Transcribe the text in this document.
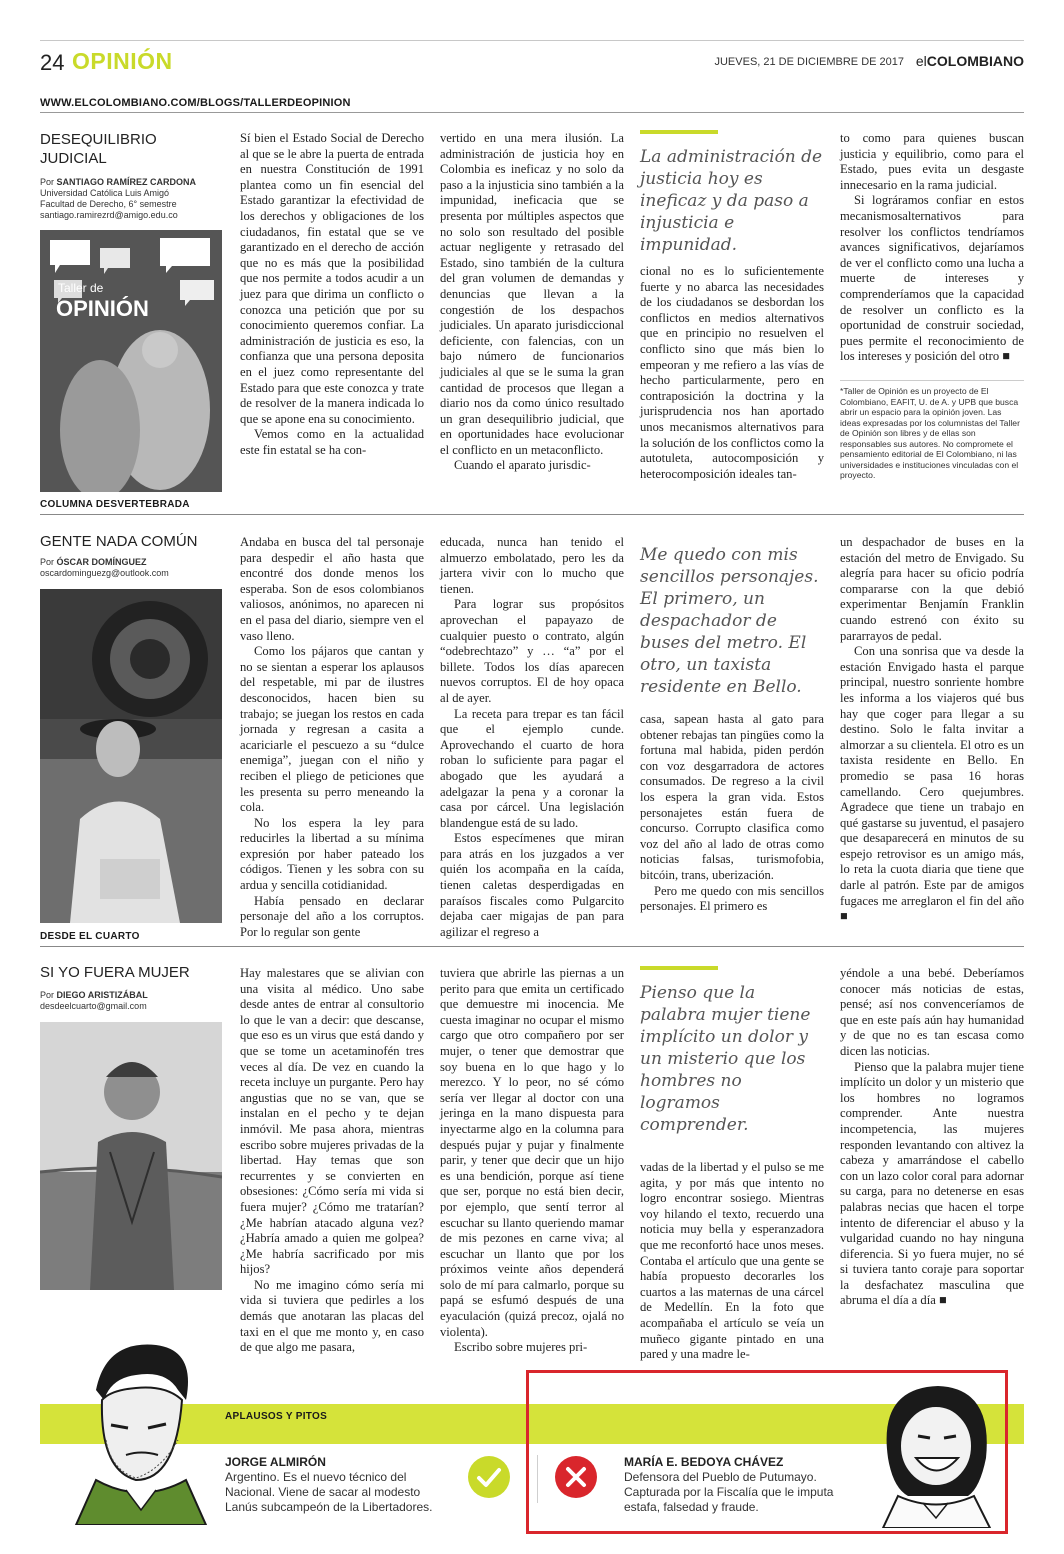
24 OPINIÓN	JUEVES, 21 DE DICIEMBRE DE 2017 elCOLOMBIANO
WWW.ELCOLOMBIANO.COM/BLOGS/TALLERDEOPINION
DESEQUILIBRIO JUDICIAL
Por SANTIAGO RAMÍREZ CARDONA
Universidad Católica Luis Amigó
Facultad de Derecho, 6° semestre
santiago.ramirezrd@amigo.edu.co
Taller de
OPINIÓN

Sí bien el Estado Social de Derecho al que se le abre la puerta de entrada en nuestra Constitución de 1991 plantea como un fin esencial del Estado garantizar la efectividad de los derechos y obligaciones de los ciudadanos, fin estatal que se ve garantizado en el derecho de acción que no es más que la posibilidad que nos permite a todos acudir a un juez para que dirima un conflicto o conozca una petición que por su conocimiento queremos confiar. La administración de justicia es eso, la confianza que una persona deposita en el juez como representante del Estado para que este conozca y trate de resolver de la manera indicada lo que se apone ena su conocimiento.

Vemos como en la actualidad este fin estatal se ha con-

vertido en una mera ilusión. La administración de justicia hoy en Colombia es ineficaz y no solo da paso a la injusticia sino también a la impunidad, ineficacia que se presenta por múltiples aspectos que no solo son resultado del posible actuar negligente y retrasado del Estado, sino también de la cultura del gran volumen de demandas y denuncias que llevan a la congestión de los despachos judiciales. Un aparato jurisdiccional deficiente, con falencias, con un bajo número de funcionarios judiciales al que se le suma la gran cantidad de procesos que llegan a diario nos da como único resultado un gran desequilibrio judicial, que en oportunidades hace evolucionar el conflicto en un metaconflicto.

Cuando el aparato jurisdic-

La administración de justicia hoy es ineficaz y da paso a injusticia e impunidad.

cional no es lo suficientemente fuerte y no abarca las necesidades de los ciudadanos se desbordan los conflictos en medios alternativos que en principio no resuelven el conflicto sino que más bien lo empeoran y me refiero a las vías de hecho particularmente, pero en contraposición la doctrina y la jurisprudencia nos han aportado unos mecanismos alternativos para la solución de los conflictos como la autotuleta, autocomposición y heterocomposición ideales tan-

to como para quienes buscan justicia y equilibrio, como para el Estado, pues evita un desgaste innecesario en la rama judicial.

Si lográramos confiar en estos mecanismosalternativos para resolver los conflictos tendríamos avances significativos, dejaríamos de ver el conflicto como una lucha a muerte de intereses y comprenderíamos que la capacidad de resolver un conflicto es la oportunidad de construir sociedad, pues permite el reconocimiento de los intereses y posición del otro ■

*Taller de Opinión es un proyecto de El Colombiano, EAFIT, U. de A. y UPB que busca abrir un espacio para la opinión joven. Las ideas expresadas por los columnistas del Taller de Opinión son libres y de ellas son responsables sus autores. No compromete el pensamiento editorial de El Colombiano, ni las universidades e instituciones vinculadas con el proyecto.
COLUMNA DESVERTEBRADA
GENTE NADA COMÚN
Por ÓSCAR DOMÍNGUEZ
oscardominguezg@outlook.com

Andaba en busca del tal personaje para despedir el año hasta que encontré dos donde menos los esperaba. Son de esos colombianos valiosos, anónimos, no aparecen ni en el pasa del diario, siempre ven el vaso lleno.

Como los pájaros que cantan y no se sientan a esperar los aplausos del respetable, mi par de ilustres desconocidos, hacen bien su trabajo; se juegan los restos en cada jornada y regresan a casita a acariciarle el pescuezo a su “dulce enemiga”, juegan con el niño y reciben el pliego de peticiones que les presenta su perro meneando la cola.

No los espera la ley para reducirles la libertad a su mínima expresión por haber pateado los códigos. Tienen y les sobra con su ardua y sencilla cotidianidad.

Había pensado en declarar personaje del año a los corruptos. Por lo regular son gente

educada, nunca han tenido el almuerzo embolatado, pero les da jartera vivir con lo mucho que tienen.

Para lograr sus propósitos aprovechan el papayazo de cualquier puesto o contrato, algún “odebrechtazo” y … “a” por el billete. Todos los días aparecen nuevos corruptos. El de hoy opaca al de ayer.

La receta para trepar es tan fácil que el ejemplo cunde. Aprovechando el cuarto de hora roban lo suficiente para pagar el abogado que les ayudará a adelgazar la pena y a coronar la casa por cárcel. Una legislación blandengue está de su lado.

Estos especímenes que miran para atrás en los juzgados a ver quién los acompaña en la caída, tienen caletas desperdigadas en paraísos fiscales como Pulgarcito dejaba caer migajas de pan para agilizar el regreso a

Me quedo con mis sencillos personajes. El primero, un despachador de buses del metro. El otro, un taxista residente en Bello.

casa, sapean hasta al gato para obtener rebajas tan pingües como la fortuna mal habida, piden perdón con voz desgarradora de actores consumados. De regreso a la civil los espera la gran vida. Estos personajetes están fuera de concurso. Corrupto clasifica como voz del año al lado de otras como noticias falsas, turismofobia, bitcóin, trans, uberización.

Pero me quedo con mis sencillos personajes. El primero es

un despachador de buses en la estación del metro de Envigado. Su alegría para hacer su oficio podría compararse con la que debió experimentar Benjamín Franklin cuando estrenó con éxito su pararrayos de pedal.

Con una sonrisa que va desde la estación Envigado hasta el parque principal, nuestro sonriente hombre les informa a los viajeros qué bus hay que coger para llegar a su destino. Solo le falta invitar a almorzar a su clientela. El otro es un taxista residente en Bello. En promedio se pasa 16 horas camellando. Cero quejumbres. Agradece que tiene un trabajo en qué gastarse su juventud, el pasajero que desaparecerá en minutos de su espejo retrovisor es un amigo más, lo reta la cuota diaria que tiene que darle al patrón. Este par de amigos fugaces me arreglaron el fin del año ■

DESDE EL CUARTO
SI YO FUERA MUJER
Por DIEGO ARISTIZÁBAL
desdeelcuarto@gmail.com

Hay malestares que se alivian con una visita al médico. Uno sabe desde antes de entrar al consultorio lo que le van a decir: que descanse, que eso es un virus que está dando y que se tome un acetaminofén tres veces al día. De vez en cuando la receta incluye un purgante. Pero hay angustias que no se van, que se instalan en el pecho y te dejan inmóvil. Me pasa ahora, mientras escribo sobre mujeres privadas de la libertad. Hay temas que son recurrentes y se convierten en obsesiones: ¿Cómo sería mi vida si fuera mujer? ¿Cómo me tratarían? ¿Me habrían atacado alguna vez? ¿Habría amado a quien me golpea? ¿Me habría sacrificado por mis hijos?

No me imagino cómo sería mi vida si tuviera que pedirles a los demás que anotaran las placas del taxi en el que me monto y, en caso de que algo me pasara,

tuviera que abrirle las piernas a un perito para que emita un certificado que demuestre mi inocencia. Me cuesta imaginar no ocupar el mismo cargo que otro compañero por ser mujer, o tener que demostrar que soy buena en lo que hago y lo merezco. Y lo peor, no sé cómo sería ver llegar al doctor con una jeringa en la mano dispuesta para inyectarme algo en la columna para después pujar y pujar y finalmente parir, y tener que decir que un hijo es una bendición, porque así tiene que ser, porque no está bien decir, por ejemplo, que sentí terror al escuchar su llanto queriendo mamar de mis pezones en carne viva; al escuchar un llanto que por los próximos veinte años dependerá solo de mí para calmarlo, porque su papá se esfumó después de una eyaculación (quizá precoz, ojalá no violenta).

Escribo sobre mujeres pri-

Pienso que la palabra mujer tiene implícito un dolor y un misterio que los hombres no logramos comprender.

vadas de la libertad y el pulso se me agita, y por más que intento no logro encontrar sosiego. Mientras voy hilando el texto, recuerdo una noticia muy bella y esperanzadora que me reconfortó hace unos meses. Contaba el artículo que una gente se había propuesto decorarles los cuartos a las maternas de una cárcel de Medellín. En la foto que acompañaba el artículo se veía un muñeco gigante pintado en una pared y una madre le-

yéndole a una bebé. Deberíamos conocer más noticias de estas, pensé; así nos convenceríamos de que en este país aún hay humanidad y de que no es tan escasa como dicen las noticias.

Pienso que la palabra mujer tiene implícito un dolor y un misterio que los hombres no logramos comprender. Ante nuestra incompetencia, las mujeres responden levantando con altivez la cabeza y amarrándose el cabello con un lazo color coral para adornar su carga, para no detenerse en esas palabras necias que hacen el torpe intento de diferenciar el abuso y la vulgaridad cuando no hay ninguna diferencia. Si yo fuera mujer, no sé si tuviera tanto coraje para soportar la desfachatez masculina que abruma el día a día ■

APLAUSOS Y PITOS
JORGE ALMIRÓN
Argentino. Es el nuevo técnico del Nacional. Viene de sacar al modesto Lanús subcampeón de la Libertadores.
MARÍA E. BEDOYA CHÁVEZ
Defensora del Pueblo de Putumayo. Capturada por la Fiscalía que le imputa estafa, falsedad y fraude.
